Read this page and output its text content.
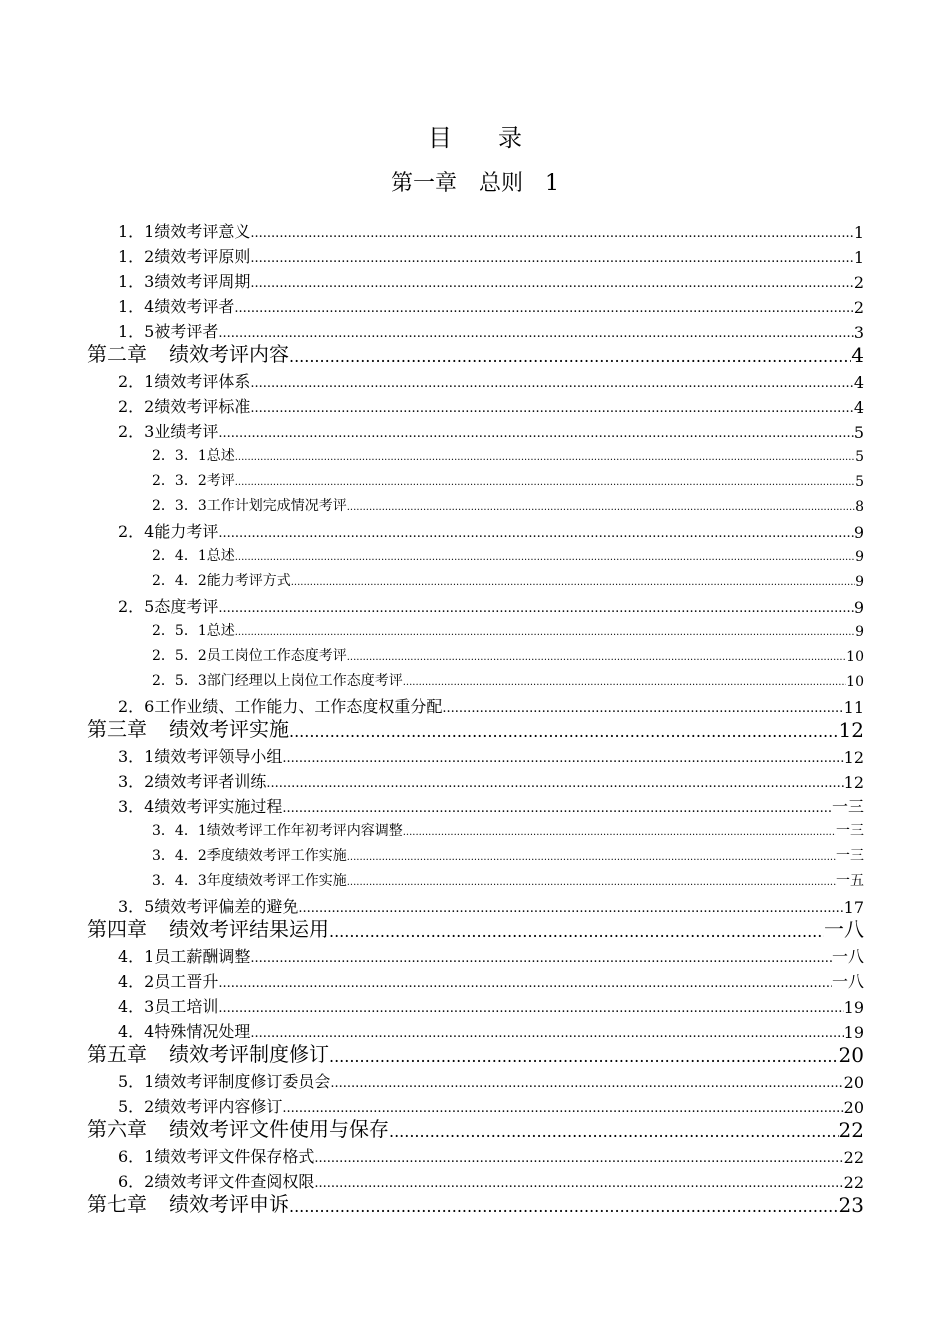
目 录
第一章　总则　1
1．1 绩效考评意义 .....	1
1．2 绩效考评原则 .....	1
1．3 绩效考评周期 .....	2
1．4 绩效考评者 .....	2
1．5 被考评者 .....	3
第二章 绩效考评内容 .....	4
2．1 绩效考评体系 .....	4
2．2 绩效考评标准 .....	4
2．3 业绩考评 .....	5
2．3．1 总述 .....	5
2．3．2 考评 .....	5
2．3．3 工作计划完成情况考评 .....	8
2．4 能力考评 .....	9
2．4．1 总述 .....	9
2．4．2 能力考评方式 .....	9
2．5 态度考评 .....	9
2．5．1 总述 .....	9
2．5．2 员工岗位工作态度考评 .....	10
2．5．3 部门经理以上岗位工作态度考评 .....	10
2．6 工作业绩、工作能力、工作态度权重分配 .....	11
第三章 绩效考评实施 .....	12
3．1 绩效考评领导小组 .....	12
3．2 绩效考评者训练 .....	12
3．4 绩效考评实施过程 .....	一三
3．4．1 绩效考评工作年初考评内容调整 .....	一三
3．4．2 季度绩效考评工作实施 .....	一三
3．4．3 年度绩效考评工作实施 .....	一五
3．5 绩效考评偏差的避免 .....	17
第四章 绩效考评结果运用 .....	一八
4．1 员工薪酬调整 .....	一八
4．2 员工晋升 .....	一八
4．3 员工培训 .....	19
4．4 特殊情况处理 .....	19
第五章 绩效考评制度修订 .....	20
5．1 绩效考评制度修订委员会 .....	20
5．2 绩效考评内容修订 .....	20
第六章 绩效考评文件使用与保存 .....	22
6．1 绩效考评文件保存格式 .....	22
6．2 绩效考评文件查阅权限 .....	22
第七章 绩效考评申诉 .....	23
